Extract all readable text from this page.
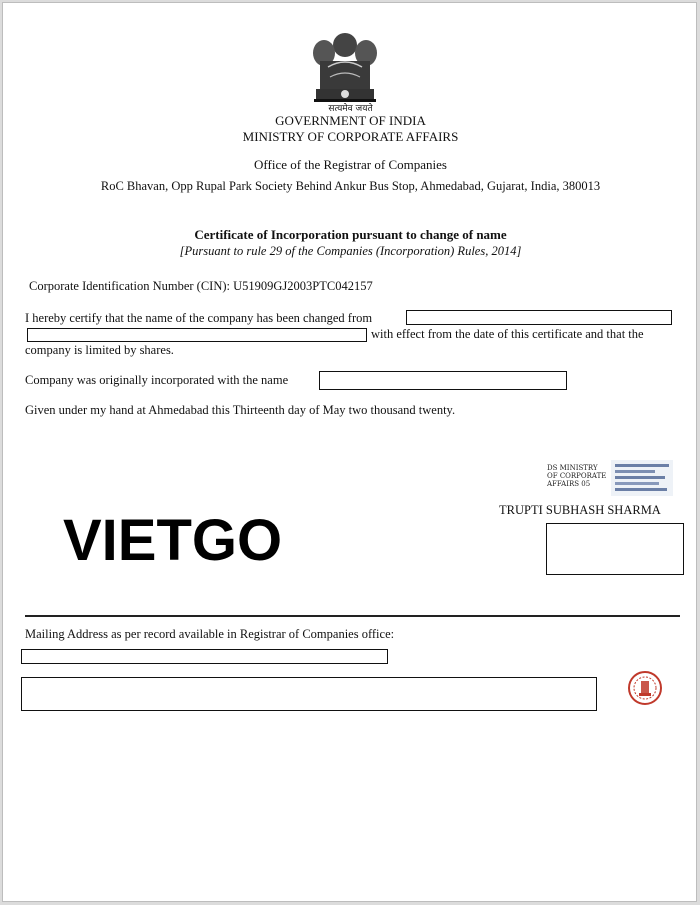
सत्यमेव जयते
GOVERNMENT OF INDIA
MINISTRY OF CORPORATE AFFAIRS
Office of the Registrar of Companies
RoC Bhavan, Opp Rupal Park Society Behind Ankur Bus Stop, Ahmedabad, Gujarat, India, 380013
Certificate of Incorporation pursuant to change of name
[Pursuant to rule 29 of the Companies (Incorporation) Rules, 2014]
Corporate Identification Number (CIN): U51909GJ2003PTC042157
I hereby certify that the name of the company has been changed from
with effect from the date of this certificate and that the
company is limited by shares.
Company was originally incorporated with the name
Given under my hand at Ahmedabad this Thirteenth day of May two thousand twenty.
DS MINISTRY
OF CORPORATE
AFFAIRS 05
TRUPTI SUBHASH SHARMA
VIETGO
Mailing Address as per record available in Registrar of Companies office:
